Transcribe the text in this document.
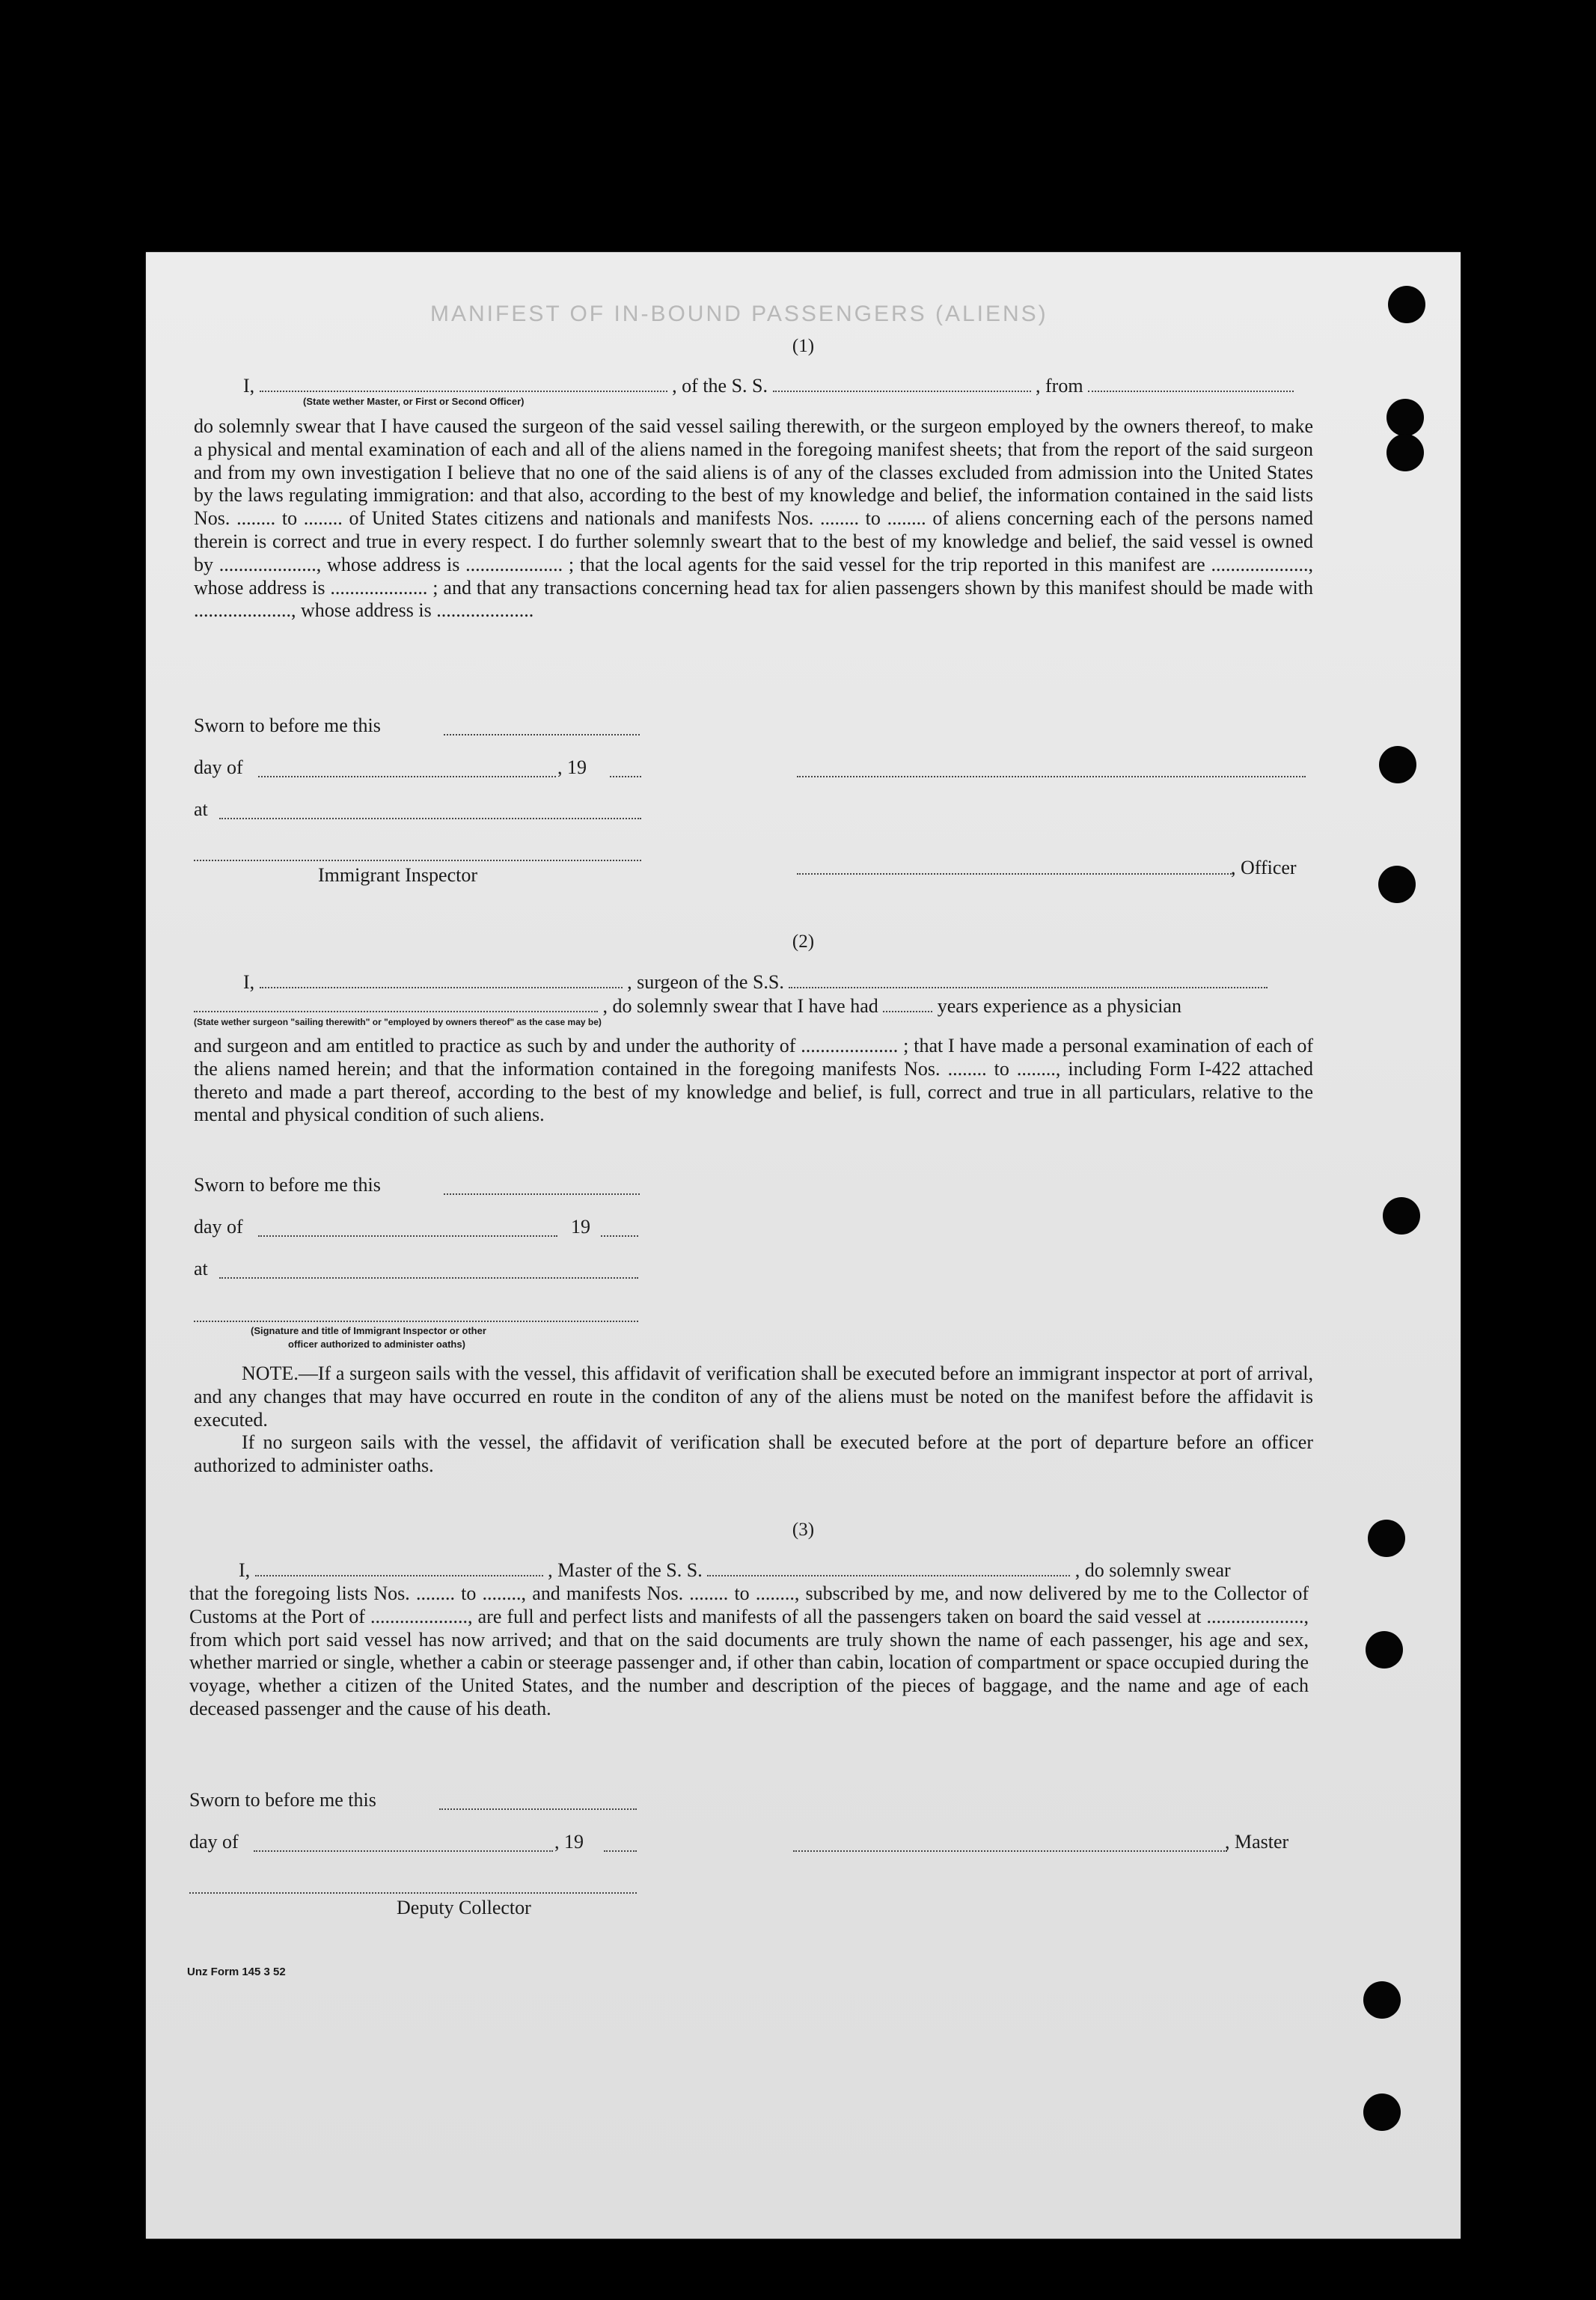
MANIFEST OF IN-BOUND PASSENGERS (ALIENS)
(1)
I,	, of the S. S.	, from
(State wether Master, or First or Second Officer)
do solemnly swear that I have caused the surgeon of the said vessel sailing therewith, or the surgeon employed by the owners thereof, to make a physical and mental examination of each and all of the aliens named in the foregoing manifest sheets; that from the report of the said surgeon and from my own investigation I believe that no one of the said aliens is of any of the classes excluded from admission into the United States by the laws regulating immigration: and that also, according to the best of my knowledge and belief, the information contained in the said lists Nos. ........ to ........ of United States citizens and nationals and manifests Nos. ........ to ........ of aliens concerning each of the persons named therein is correct and true in every respect. I do further solemnly sweart that to the best of my knowledge and belief, the said vessel is owned by ...................., whose address is .................... ; that the local agents for the said vessel for the trip reported in this manifest are ...................., whose address is .................... ; and that any transactions concerning head tax for alien passengers shown by this manifest should be made with ...................., whose address is ....................
Sworn to before me this
day of	, 19
at
Immigrant Inspector	, Officer
(2)
I,	, surgeon of the S.S.
, do solemnly swear that I have had	years experience as a physician
(State wether surgeon "sailing therewith" or "employed by owners thereof" as the case may be)
and surgeon and am entitled to practice as such by and under the authority of .................... ; that I have made a personal examination of each of the aliens named herein; and that the information contained in the foregoing manifests Nos. ........ to ........, including Form I-422 attached thereto and made a part thereof, according to the best of my knowledge and belief, is full, correct and true in all particulars, relative to the mental and physical condition of such aliens.
Sworn to before me this
day of	19
at
(Signature and title of Immigrant Inspector or other
officer authorized to administer oaths)
NOTE.—If a surgeon sails with the vessel, this affidavit of verification shall be executed before an immigrant inspector at port of arrival, and any changes that may have occurred en route in the conditon of any of the aliens must be noted on the manifest before the affidavit is executed.
If no surgeon sails with the vessel, the affidavit of verification shall be executed before at the port of departure before an officer authorized to administer oaths.
(3)
I,	, Master of the S. S.	, do solemnly swear
that the foregoing lists Nos. ........ to ........, and manifests Nos. ........ to ........, subscribed by me, and now delivered by me to the Collector of Customs at the Port of ...................., are full and perfect lists and manifests of all the passengers taken on board the said vessel at ...................., from which port said vessel has now arrived; and that on the said documents are truly shown the name of each passenger, his age and sex, whether married or single, whether a cabin or steerage passenger and, if other than cabin, location of compartment or space occupied during the voyage, whether a citizen of the United States, and the number and description of the pieces of baggage, and the name and age of each deceased passenger and the cause of his death.
Sworn to before me this
day of	, 19	, Master
Deputy Collector
Unz Form 145 3 52
